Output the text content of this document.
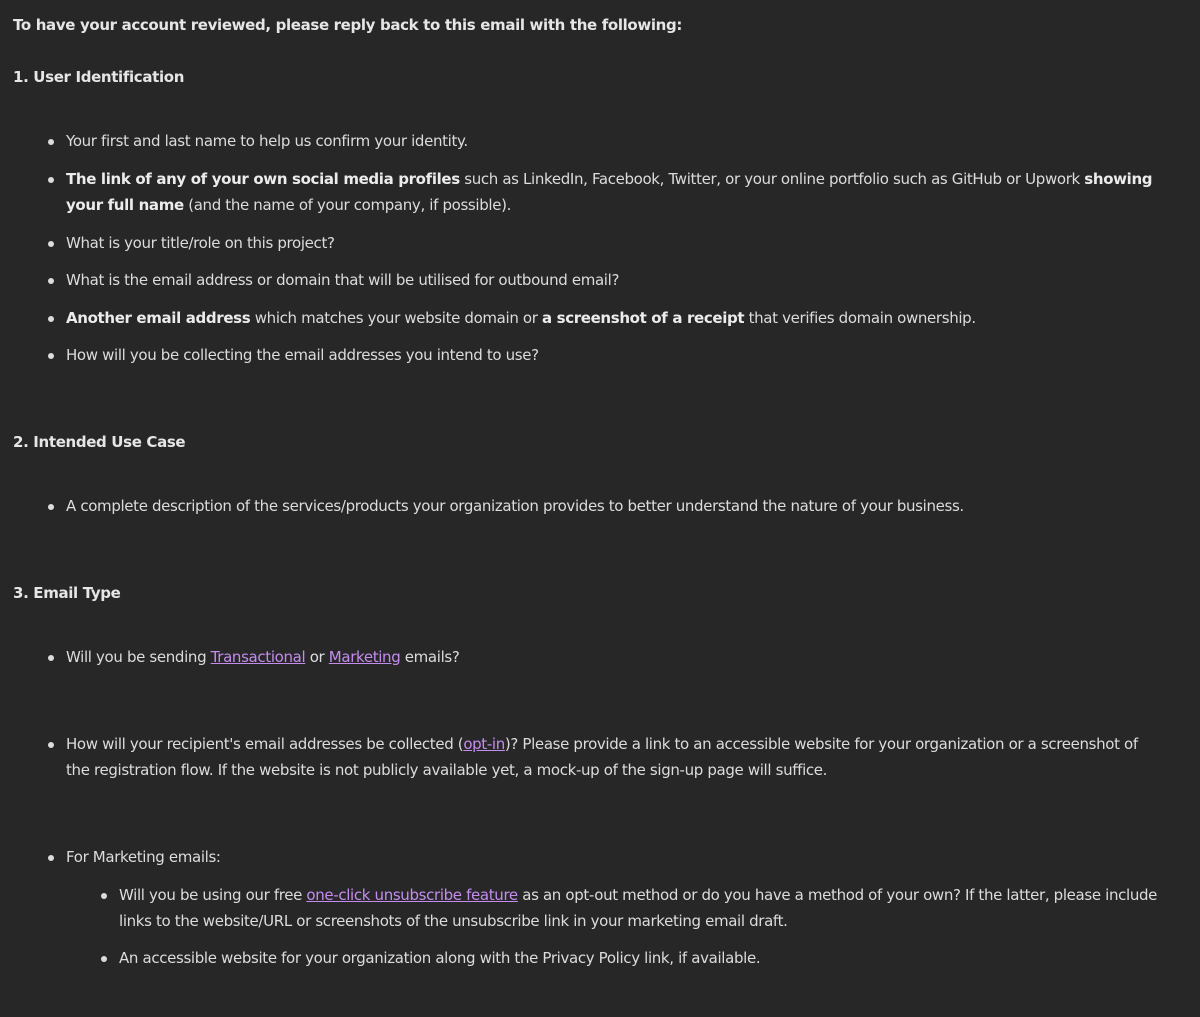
To have your account reviewed, please reply back to this email with the following:
1. User Identification
Your first and last name to help us confirm your identity.
The link of any of your own social media profiles such as LinkedIn, Facebook, Twitter, or your online portfolio such as GitHub or Upwork showing your full name (and the name of your company, if possible).
What is your title/role on this project?
What is the email address or domain that will be utilised for outbound email?
Another email address which matches your website domain or a screenshot of a receipt that verifies domain ownership.
How will you be collecting the email addresses you intend to use?
2. Intended Use Case
A complete description of the services/products your organization provides to better understand the nature of your business.
3. Email Type
Will you be sending Transactional or Marketing emails?
How will your recipient's email addresses be collected (opt-in)? Please provide a link to an accessible website for your organization or a screenshot of the registration flow. If the website is not publicly available yet, a mock-up of the sign-up page will suffice.
For Marketing emails:
Will you be using our free one-click unsubscribe feature as an opt-out method or do you have a method of your own? If the latter, please include links to the website/URL or screenshots of the unsubscribe link in your marketing email draft.
An accessible website for your organization along with the Privacy Policy link, if available.
